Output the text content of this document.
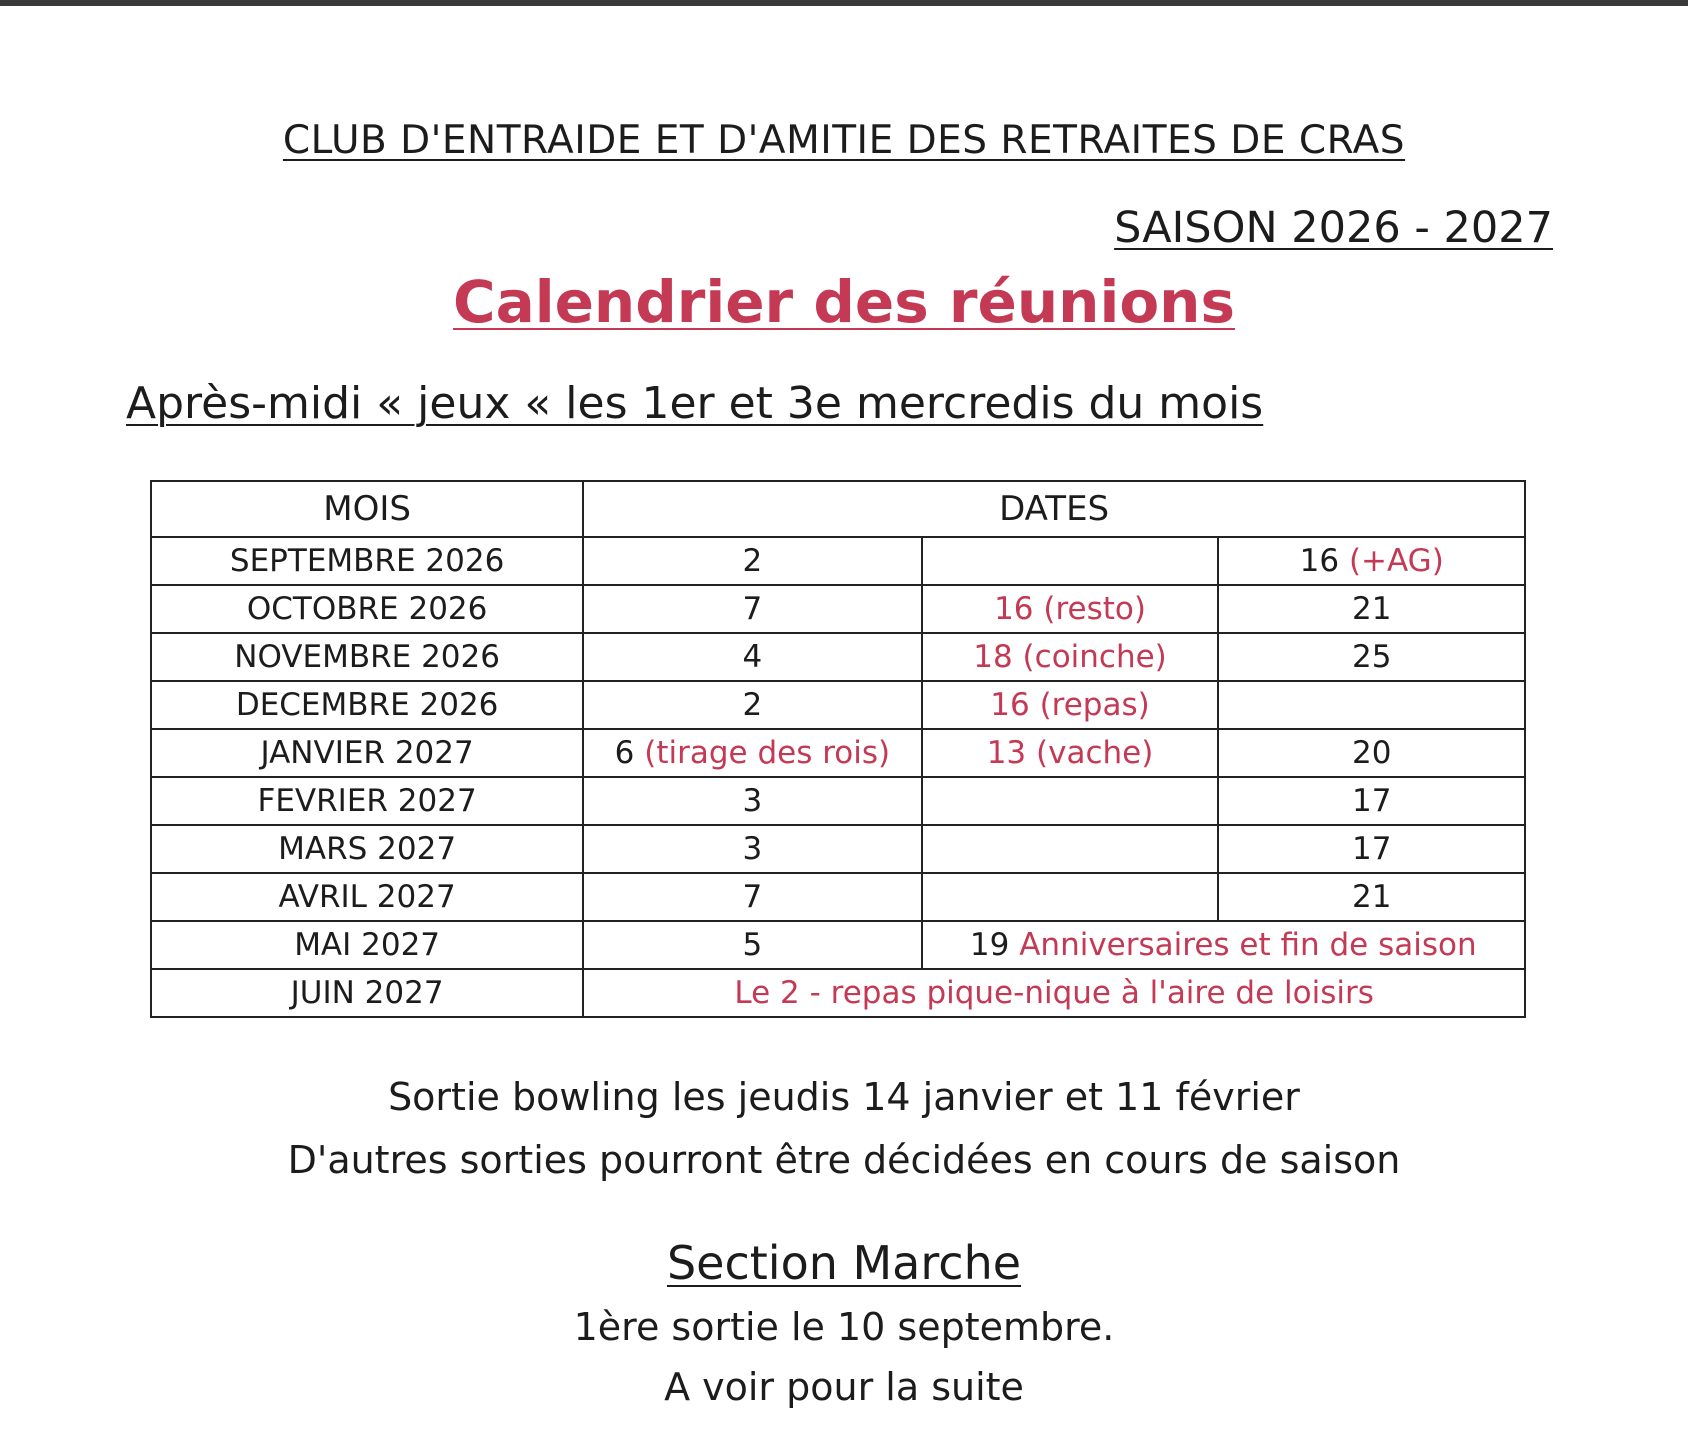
CLUB D'ENTRAIDE ET D'AMITIE DES RETRAITES DE CRAS
SAISON 2026 - 2027
Calendrier des réunions
Après-midi « jeux « les 1er et 3e mercredis du mois
MOIS	DATES		
SEPTEMBRE 2026	2		16 (+AG)
OCTOBRE 2026	7	16 (resto)	21
NOVEMBRE 2026	4	18 (coinche)	25
DECEMBRE 2026	2	16 (repas)	
JANVIER 2027	6 (tirage des rois)	13 (vache)	20
FEVRIER 2027	3		17
MARS 2027	3		17
AVRIL 2027	7		21
MAI 2027	5	19 Anniversaires et fin de saison	
JUIN 2027	Le 2 - repas pique-nique à l'aire de loisirs		
Sortie bowling les jeudis 14 janvier et 11 février
D'autres sorties pourront être décidées en cours de saison
Section Marche
1ère sortie le 10 septembre.
A voir pour la suite
